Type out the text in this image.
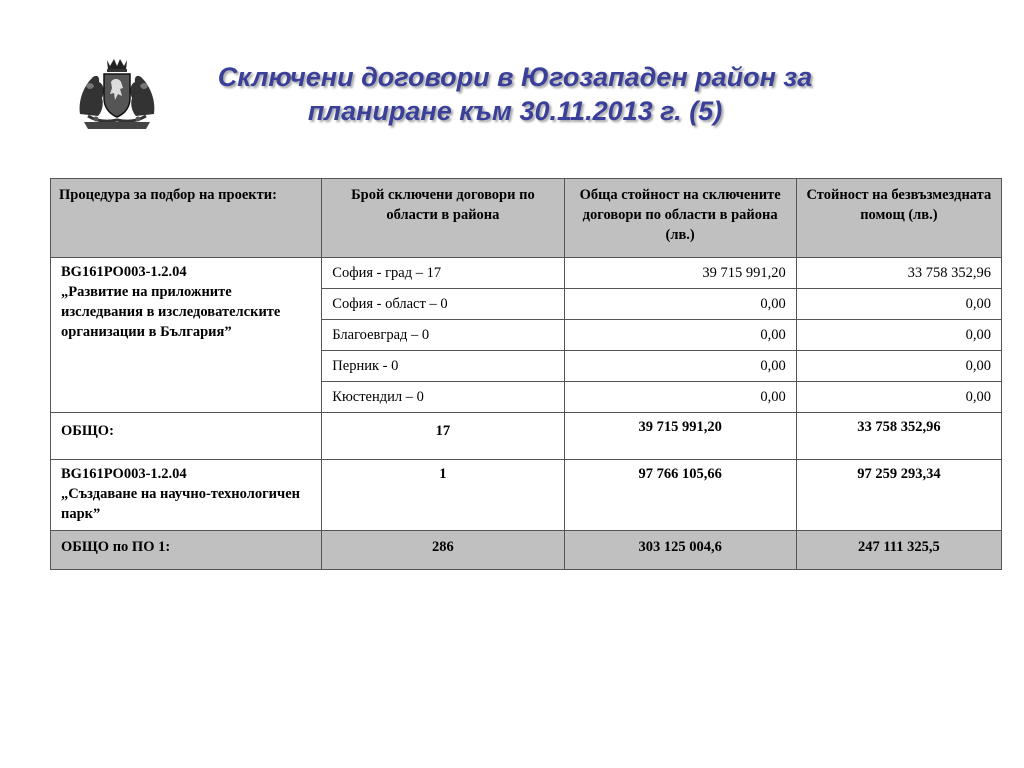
Сключени договори в Югозападен район за
планиране към 30.11.2013 г. (5)
Процедура за подбор на проекти:	Брой сключени договори по области в района	Обща стойност на сключените договори по области в района (лв.)	Стойност на безвъзмездната помощ (лв.)

BG161PO003-1.2.04
„Развитие на приложните изследвания в изследователските организации в България”	София - град – 17	39 715 991,20	33 758 352,96
	София - област – 0	0,00	0,00
	Благоевград – 0	0,00	0,00
	Перник - 0	0,00	0,00
	Кюстендил – 0	0,00	0,00
ОБЩО:	17	39 715 991,20	33 758 352,96

BG161PO003-1.2.04
„Създаване на научно-технологичен парк”	1	97 766 105,66	97 259 293,34
ОБЩО по ПО 1:	286	303 125 004,6	247 111 325,5
